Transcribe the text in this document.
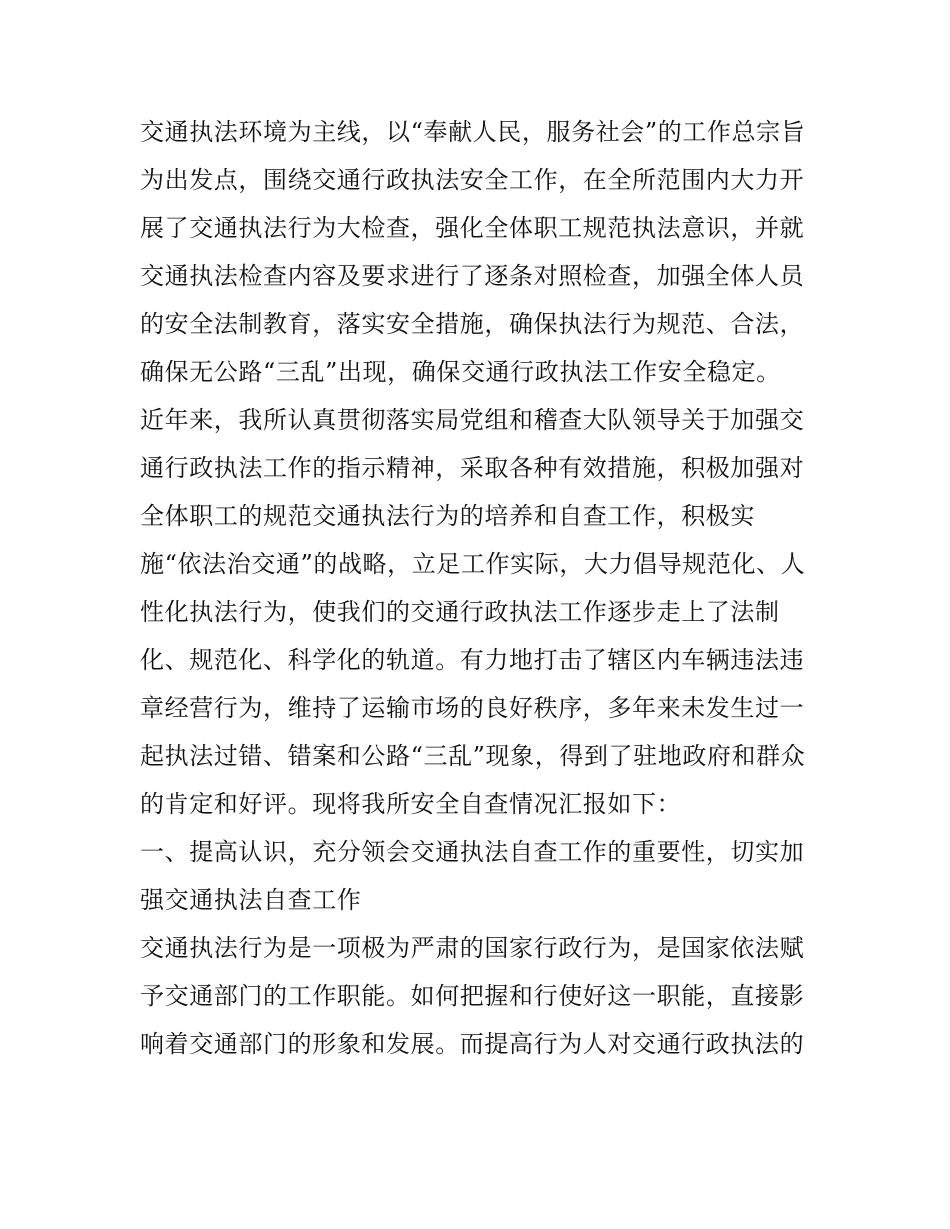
交通执法环境为主线，以“奉献人民，服务社会”的工作总宗旨
为出发点，围绕交通行政执法安全工作，在全所范围内大力开
展了交通执法行为大检查，强化全体职工规范执法意识，并就
交通执法检查内容及要求进行了逐条对照检查，加强全体人员
的安全法制教育，落实安全措施，确保执法行为规范、合法，
确保无公路“三乱”出现，确保交通行政执法工作安全稳定。
近年来，我所认真贯彻落实局党组和稽查大队领导关于加强交
通行政执法工作的指示精神，采取各种有效措施，积极加强对
全体职工的规范交通执法行为的培养和自查工作，积极实
施“依法治交通”的战略，立足工作实际，大力倡导规范化、人
性化执法行为，使我们的交通行政执法工作逐步走上了法制
化、规范化、科学化的轨道。有力地打击了辖区内车辆违法违
章经营行为，维持了运输市场的良好秩序，多年来未发生过一
起执法过错、错案和公路“三乱”现象，得到了驻地政府和群众
的肯定和好评。现将我所安全自查情况汇报如下：
一、提高认识，充分领会交通执法自查工作的重要性，切实加
强交通执法自查工作
交通执法行为是一项极为严肃的国家行政行为，是国家依法赋
予交通部门的工作职能。如何把握和行使好这一职能，直接影
响着交通部门的形象和发展。而提高行为人对交通行政执法的
